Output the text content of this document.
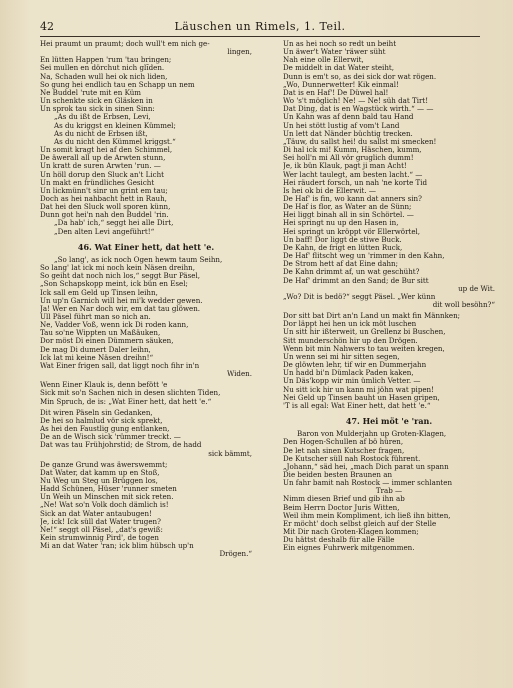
42	Läuschen un Rimels, 1. Teil.
Hei praumt un praumt; doch wull't em nich ge-
lingen,
En lütten Happen 'rum 'tau bringen;
Sei mullen en dörchut nich glĭden.
Na, Schaden wull hei ok nich liden,
So gung hei endlich tau en Schapp un nem
Ne Buddel 'rute mit en Küm
Un schenkte sick en Gläsken in
Un sprok tau sick in sinen Sinn:
„As du ißt de Erbsen, Levi,
As du kriggst en kleinen Kümmel;
As du nicht de Erbsen ißt,
As du nicht den Kümmel kriggst.“
Un somit kragt hei af den Schimmel,
De äwerall all up de Arwten stunn,
Un kratt de suren Arwten 'run. —
Un höll dorup den Sluck an't Licht
Un makt en fründliches Gesicht
Un lickmünn't sinr un grint em tau;
Doch as hei nahbacht hett in Rauh,
Dat hei den Sluck woll sporen künn,
Dunn got hei'n nah den Buddel 'rin.
„Da hab' ich,“ seggt hei alle Dirt,
„Den alten Levi angeführt!“
46. Wat Einer hett, dat hett 'e.
„So lang', as ick noch Ogen hewm taum Seihn,
So lang' lat ick mi noch kein Näsen dreihn,
So geiht dat noch nich los,“ seggt Bur Päsel,
„Son Schapskopp meint, ick bün en Esel;
Ick sall em Geld up Tinsen leihn,
Un up'n Garnich will hei mi'k wedder gewen.
Ja! Wer en Nar doch wir, em dat tau glöwen.
Ull Päsel führt man so nich an.
Ne, Vadder Voß, wenn ick Di roden kann,
Tau so'ne Wippten un Maßäuken,
Dor möst Di einen Dümmern säuken,
De mag Di dumert Daler leihn,
Ick lat mi keine Näsen dreihn!“
Wat Einer frigen sall, dat liggt noch fihr in'n
Widen.
Wenn Einer Klauk is, denn befött 'e
Sick mit so'n Sachen nich in desen slichten Tiden,
Min Spruch, de is: „Wat Einer hett, dat hett 'e.“
Dit wiren Päseln sin Gedanken,
De hei so halmlud vör sick sprekt,
As hei den Faustlig gung entlanken,
De an de Wisch sick 'rümmer treckt. —
Dat was tau Frühjohrstid; de Strom, de hadd
sick bämmt,
De ganze Grund was äwerswemmt;
Dat Water, dat kamm up en Stoß,
Nu Weg un Steg un Brüggen los,
Hadd Schünen, Hüser 'runner smeten
Un Weih un Minschen mit sick reten.
„Ne! Wat so'n Volk doch dämlich is!
Sick an dat Water antaubugen!
Je, ick! Ick süll dat Water trugen?
Ne!“ seggt oll Päsel, „dat's gewiß:
Kein strumwinnig Pird', de togen
Mi an dat Water 'ran; ick blim hübsch up'n
Drögen.“
Un as hei noch so redt un beiht
Un äwer't Water 'räwer süht
Nah eine olle Ellerwit,
De middelt in dat Water steiht,
Dunn is em't so, as dei sick dor wat rögen.
„Wo, Dunnerwetter! Kik einmal!
Dat is en Haf'! De Düwel hal!
Wo 's't möglich! Ne! — Ne! süh dat Tirt!
Dat Ding, dat is en Wagstück wirth.“ — —
Un Kahn was af denn bald tau Hand
Un hei stött lustig af vom't Land
Un lett dat Nänder büchtig trecken.
„Täuw, du sallst hei! du sallst mi smecken!
Di hal ick mi! Kumm, Häschen, kumm,
Sei holl'n mi All vör gruglich dumm!
Je, ik bün Klauk, pagt ji man Acht!
Wer lacht taulegt, am besten lacht.“ —
Hei räudert forsch, un nah 'ne korte Tid
Is hei ok bi de Ellerwit. —
De Haf' is fin, wo kann dat anners sin?
De Haf is flor, as Water an de Sünn;
Hei liggt binah all in sin Schörtel. —
Hei springt nu up den Hasen in,
Hei springt un kröppt vör Ellerwörtel,
Un baff! Dor liggt de stiwe Buck.
De Kahn, de frigt en lütten Ruck,
De Haf' flitscht weg un 'rimmer in den Kahn,
De Strom hett af dat Eine dahn;
De Kahn drimmt af, un wat geschüht?
De Haf' drimmt an den Sand; de Bur sitt
up de Wit.
„Wo? Dit is bedö?“ seggt Päsel. „Wer künn
dit woll besöhn?“
Dor sitt bat Dirt an'n Land un makt fin Männken;
Dor läppt hei hen un ick möt luschen
Un sitt hir ißterweit, un Grellenz bi Buschen,
Sitt munderschön hir up den Drögen.
Wenn bit min Nahwers to tau weiten kregen,
Un wenn sei mi hir sitten segen,
De glöwten lehr, tif wir en Dummerjahn
Un hadd bi'n Dümlack Paden kaken,
Un Däs'kopp wir min ümlich Vetter. —
Nu sitt ick hir un kann mi jöhn wat pipen!
Nei Geld up Tinsen bauht un Hasen gripen,
'T is all egal: Wat Einer hett, dat hett 'e.“
47. Hei möt 'e 'ran.
Baron von Mulderjahn up Groten-Klagen,
Den Hogen-Schullen af bö hüren,
De let nah sinen Kutscher fragen,
De Kutscher süll nah Rostock führent.
„Johann,“ säd hei, „mach Dich parat un spann
Die beiden besten Braunen an
Un fahr bamit nah Rostock — immer schlanten
Trab —
Nimm diesen Brief und gib ihn ab
Beim Herrn Doctor Juris Witten,
Weil ihm mein Kompliment, ich ließ ihn bitten,
Er möcht' doch selbst gleich auf der Stelle
Mit Dir nach Groten-Klagen kommen;
Du hättst deshalb für alle Fälle
Ein eignes Fuhrwerk mitgenommen.
